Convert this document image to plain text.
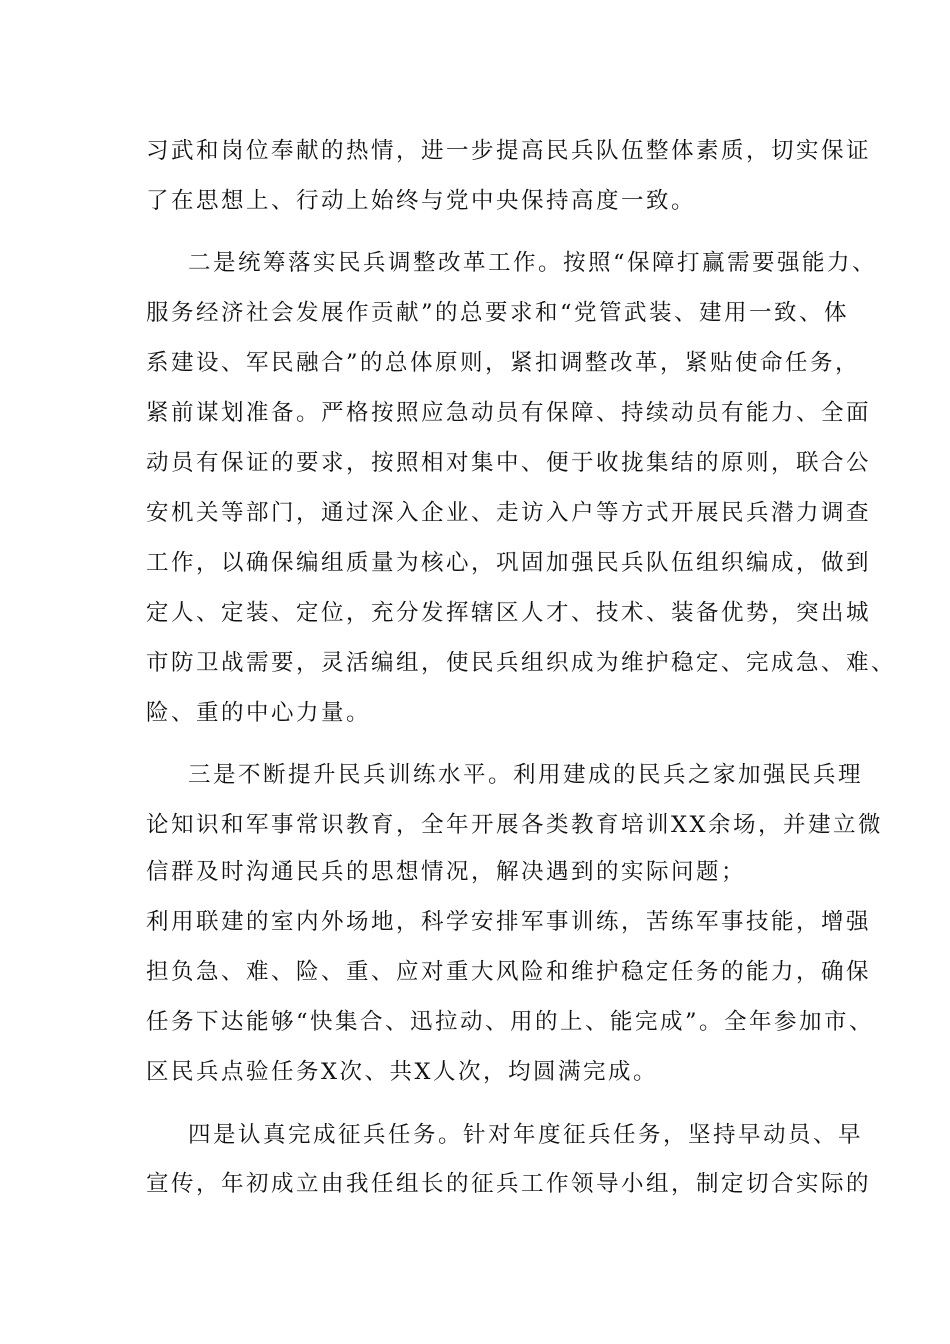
习武和岗位奉献的热情，进一步提高民兵队伍整体素质，切实保证

了在思想上、行动上始终与党中央保持高度一致。

二是统筹落实民兵调整改革工作。按照“保障打赢需要强能力、

服务经济社会发展作贡献”的总要求和“党管武装、建用一致、体

系建设、军民融合”的总体原则，紧扣调整改革，紧贴使命任务，

紧前谋划准备。严格按照应急动员有保障、持续动员有能力、全面

动员有保证的要求，按照相对集中、便于收拢集结的原则，联合公

安机关等部门，通过深入企业、走访入户等方式开展民兵潜力调查

工作，以确保编组质量为核心，巩固加强民兵队伍组织编成，做到

定人、定装、定位，充分发挥辖区人才、技术、装备优势，突出城

市防卫战需要，灵活编组，使民兵组织成为维护稳定、完成急、难、

险、重的中心力量。

三是不断提升民兵训练水平。利用建成的民兵之家加强民兵理

论知识和军事常识教育，全年开展各类教育培训XX余场，并建立微

信群及时沟通民兵的思想情况，解决遇到的实际问题；

利用联建的室内外场地，科学安排军事训练，苦练军事技能，增强

担负急、难、险、重、应对重大风险和维护稳定任务的能力，确保

任务下达能够“快集合、迅拉动、用的上、能完成”。全年参加市、

区民兵点验任务X次、共X人次，均圆满完成。

四是认真完成征兵任务。针对年度征兵任务，坚持早动员、早

宣传，年初成立由我任组长的征兵工作领导小组，制定切合实际的
